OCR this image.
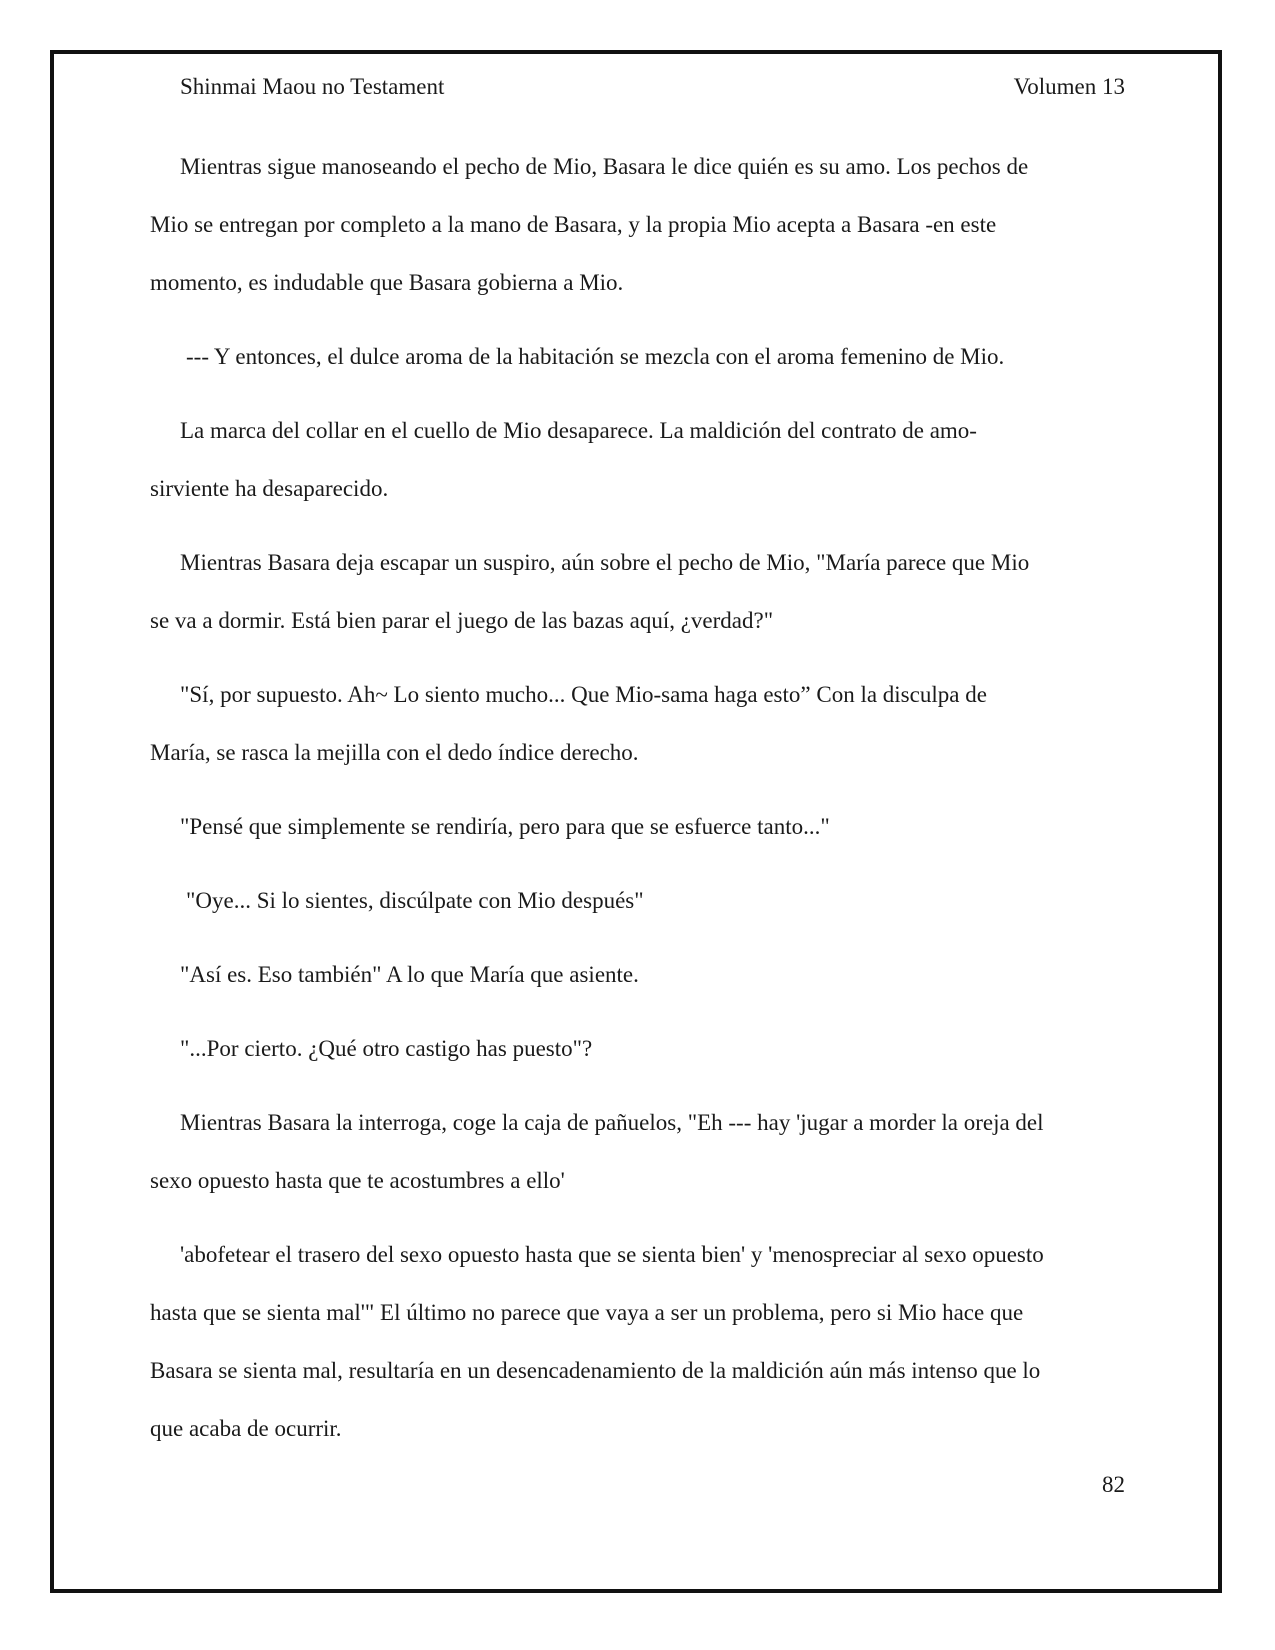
Shinmai Maou no Testament	Volumen 13

Mientras sigue manoseando el pecho de Mio, Basara le dice quién es su amo. Los pechos de
Mio se entregan por completo a la mano de Basara, y la propia Mio acepta a Basara -en este
momento, es indudable que Basara gobierna a Mio.

--- Y entonces, el dulce aroma de la habitación se mezcla con el aroma femenino de Mio.

La marca del collar en el cuello de Mio desaparece. La maldición del contrato de amo-
sirviente ha desaparecido.

Mientras Basara deja escapar un suspiro, aún sobre el pecho de Mio, "María parece que Mio
se va a dormir. Está bien parar el juego de las bazas aquí, ¿verdad?"

"Sí, por supuesto. Ah~ Lo siento mucho... Que Mio-sama haga esto” Con la disculpa de
María, se rasca la mejilla con el dedo índice derecho.

"Pensé que simplemente se rendiría, pero para que se esfuerce tanto..."

"Oye... Si lo sientes, discúlpate con Mio después"

"Así es. Eso también" A lo que María que asiente.

"...Por cierto. ¿Qué otro castigo has puesto"?

Mientras Basara la interroga, coge la caja de pañuelos, "Eh --- hay 'jugar a morder la oreja del
sexo opuesto hasta que te acostumbres a ello'

'abofetear el trasero del sexo opuesto hasta que se sienta bien' y 'menospreciar al sexo opuesto
hasta que se sienta mal'" El último no parece que vaya a ser un problema, pero si Mio hace que
Basara se sienta mal, resultaría en un desencadenamiento de la maldición aún más intenso que lo
que acaba de ocurrir.

82
